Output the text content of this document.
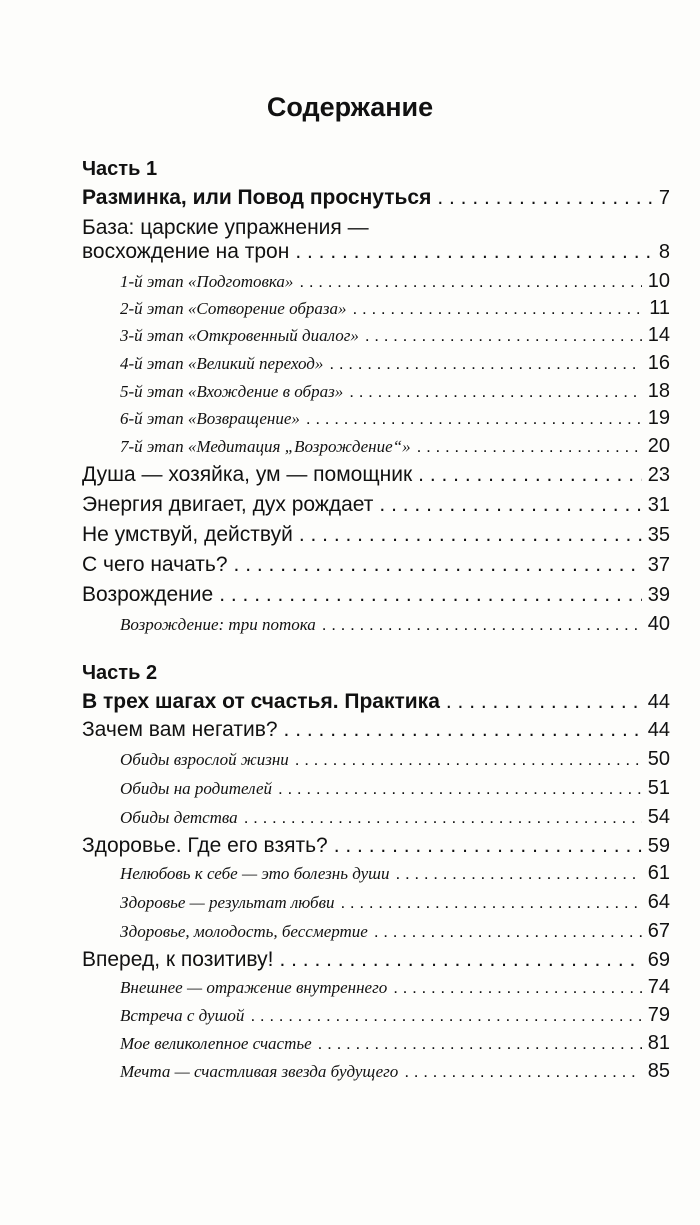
Содержание
Часть 1
Разминка, или Повод проснуться . . .	7
База: царские упражнения —
восхождение на трон . . .	8
1-й этап «Подготовка» . . .	10
2-й этап «Сотворение образа» . . .	11
3-й этап «Откровенный диалог» . . .	14
4-й этап «Великий переход» . . .	16
5-й этап «Вхождение в образ» . . .	18
6-й этап «Возвращение» . . .	19
7-й этап «Медитация „Возрождение“» . . .	20
Душа — хозяйка, ум — помощник . . .	23
Энергия двигает, дух рождает . . .	31
Не умствуй, действуй . . .	35
С чего начать? . . .	37
Возрождение . . .	39
Возрождение: три потока . . .	40
Часть 2
В трех шагах от счастья. Практика . . .	44
Зачем вам негатив? . . .	44
Обиды взрослой жизни . . .	50
Обиды на родителей . . .	51
Обиды детства . . .	54
Здоровье. Где его взять? . . .	59
Нелюбовь к себе — это болезнь души . . .	61
Здоровье — результат любви . . .	64
Здоровье, молодость, бессмертие . . .	67
Вперед, к позитиву! . . .	69
Внешнее — отражение внутреннего . . .	74
Встреча с душой . . .	79
Мое великолепное счастье . . .	81
Мечта — счастливая звезда будущего . . .	85
